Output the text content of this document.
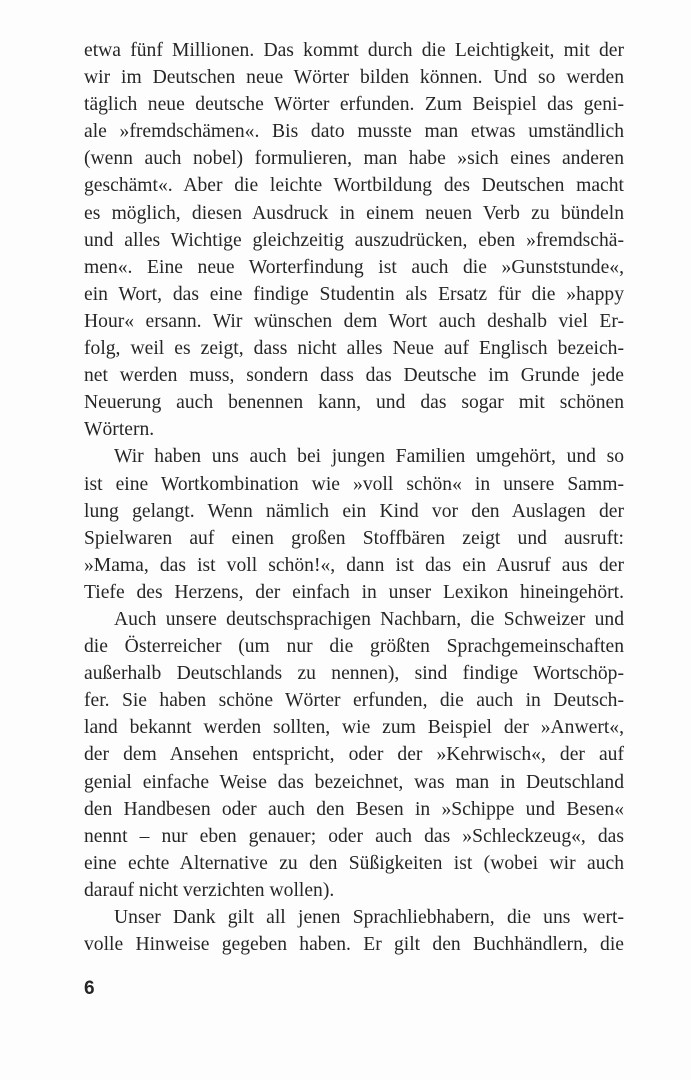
etwa fünf Millionen. Das kommt durch die Leichtigkeit, mit der
wir im Deutschen neue Wörter bilden können. Und so werden
täglich neue deutsche Wörter erfunden. Zum Beispiel das geni-
ale »fremdschämen«. Bis dato musste man etwas umständlich
(wenn auch nobel) formulieren, man habe »sich eines anderen
geschämt«. Aber die leichte Wortbildung des Deutschen macht
es möglich, diesen Ausdruck in einem neuen Verb zu bündeln
und alles Wichtige gleichzeitig auszudrücken, eben »fremdschä-
men«. Eine neue Worterfindung ist auch die »Gunststunde«,
ein Wort, das eine findige Studentin als Ersatz für die »happy
Hour« ersann. Wir wünschen dem Wort auch deshalb viel Er-
folg, weil es zeigt, dass nicht alles Neue auf Englisch bezeich-
net werden muss, sondern dass das Deutsche im Grunde jede
Neuerung auch benennen kann, und das sogar mit schönen
Wörtern.
Wir haben uns auch bei jungen Familien umgehört, und so
ist eine Wortkombination wie »voll schön« in unsere Samm-
lung gelangt. Wenn nämlich ein Kind vor den Auslagen der
Spielwaren auf einen großen Stoffbären zeigt und ausruft:
»Mama, das ist voll schön!«, dann ist das ein Ausruf aus der
Tiefe des Herzens, der einfach in unser Lexikon hineingehört.
Auch unsere deutschsprachigen Nachbarn, die Schweizer und
die Österreicher (um nur die größten Sprachgemeinschaften
außerhalb Deutschlands zu nennen), sind findige Wortschöp-
fer. Sie haben schöne Wörter erfunden, die auch in Deutsch-
land bekannt werden sollten, wie zum Beispiel der »Anwert«,
der dem Ansehen entspricht, oder der »Kehrwisch«, der auf
genial einfache Weise das bezeichnet, was man in Deutschland
den Handbesen oder auch den Besen in »Schippe und Besen«
nennt – nur eben genauer; oder auch das »Schleckzeug«, das
eine echte Alternative zu den Süßigkeiten ist (wobei wir auch
darauf nicht verzichten wollen).
Unser Dank gilt all jenen Sprachliebhabern, die uns wert-
volle Hinweise gegeben haben. Er gilt den Buchhändlern, die
6
